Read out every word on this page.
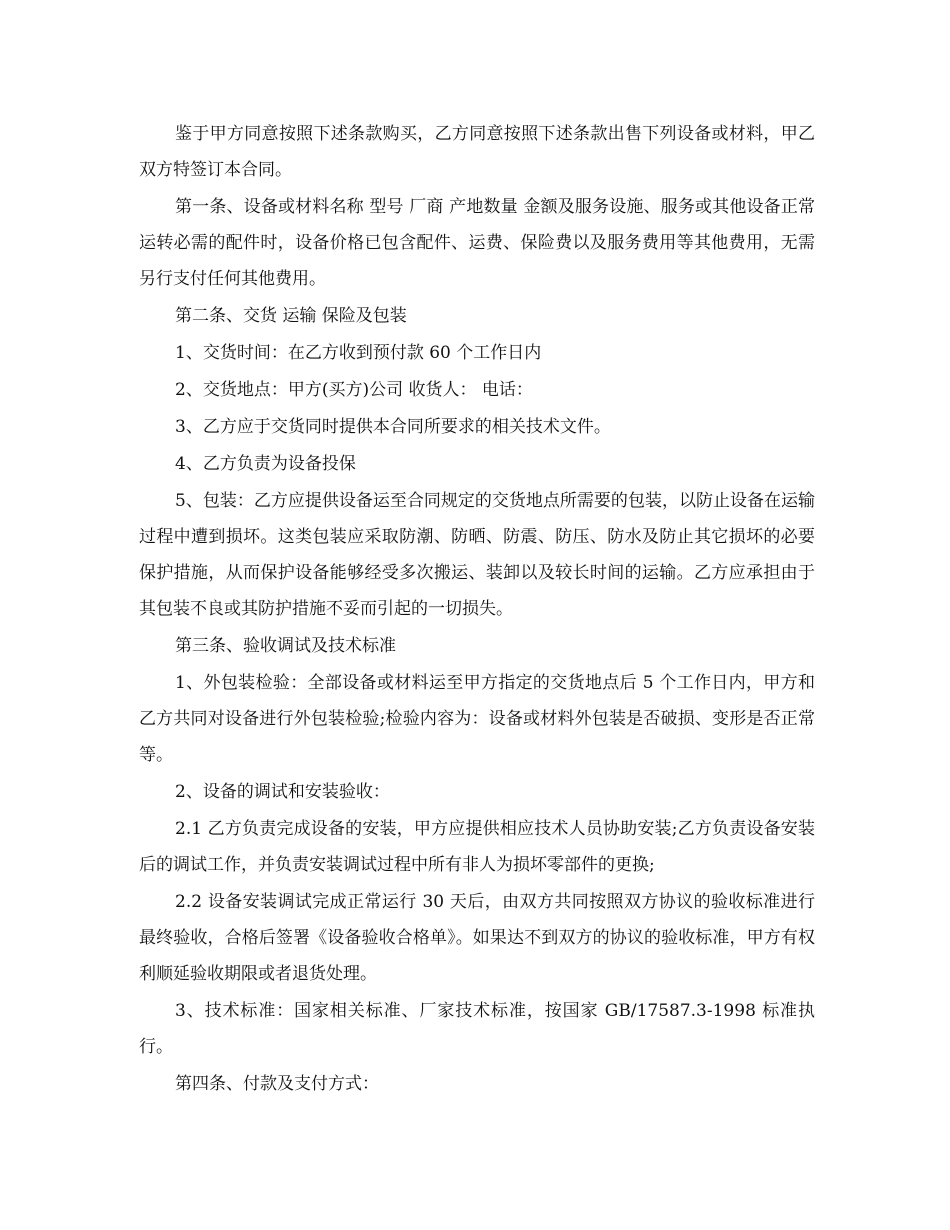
鉴于甲方同意按照下述条款购买，乙方同意按照下述条款出售下列设备或材料，甲乙双方特签订本合同。

第一条、设备或材料名称 型号 厂商 产地数量 金额及服务设施、服务或其他设备正常运转必需的配件时，设备价格已包含配件、运费、保险费以及服务费用等其他费用，无需另行支付任何其他费用。

第二条、交货 运输 保险及包装

1、交货时间：在乙方收到预付款 60 个工作日内

2、交货地点：甲方(买方)公司 收货人： 电话：

3、乙方应于交货同时提供本合同所要求的相关技术文件。

4、乙方负责为设备投保

5、包装：乙方应提供设备运至合同规定的交货地点所需要的包装，以防止设备在运输过程中遭到损坏。这类包装应采取防潮、防晒、防震、防压、防水及防止其它损坏的必要保护措施，从而保护设备能够经受多次搬运、装卸以及较长时间的运输。乙方应承担由于其包装不良或其防护措施不妥而引起的一切损失。

第三条、验收调试及技术标准

1、外包装检验：全部设备或材料运至甲方指定的交货地点后 5 个工作日内，甲方和乙方共同对设备进行外包装检验;检验内容为：设备或材料外包装是否破损、变形是否正常等。

2、设备的调试和安装验收：

2.1 乙方负责完成设备的安装，甲方应提供相应技术人员协助安装;乙方负责设备安装后的调试工作，并负责安装调试过程中所有非人为损坏零部件的更换;

2.2 设备安装调试完成正常运行 30 天后，由双方共同按照双方协议的验收标准进行最终验收，合格后签署《设备验收合格单》。如果达不到双方的协议的验收标准，甲方有权利顺延验收期限或者退货处理。

3、技术标准：国家相关标准、厂家技术标准，按国家 GB/17587.3-1998 标准执行。

第四条、付款及支付方式：
